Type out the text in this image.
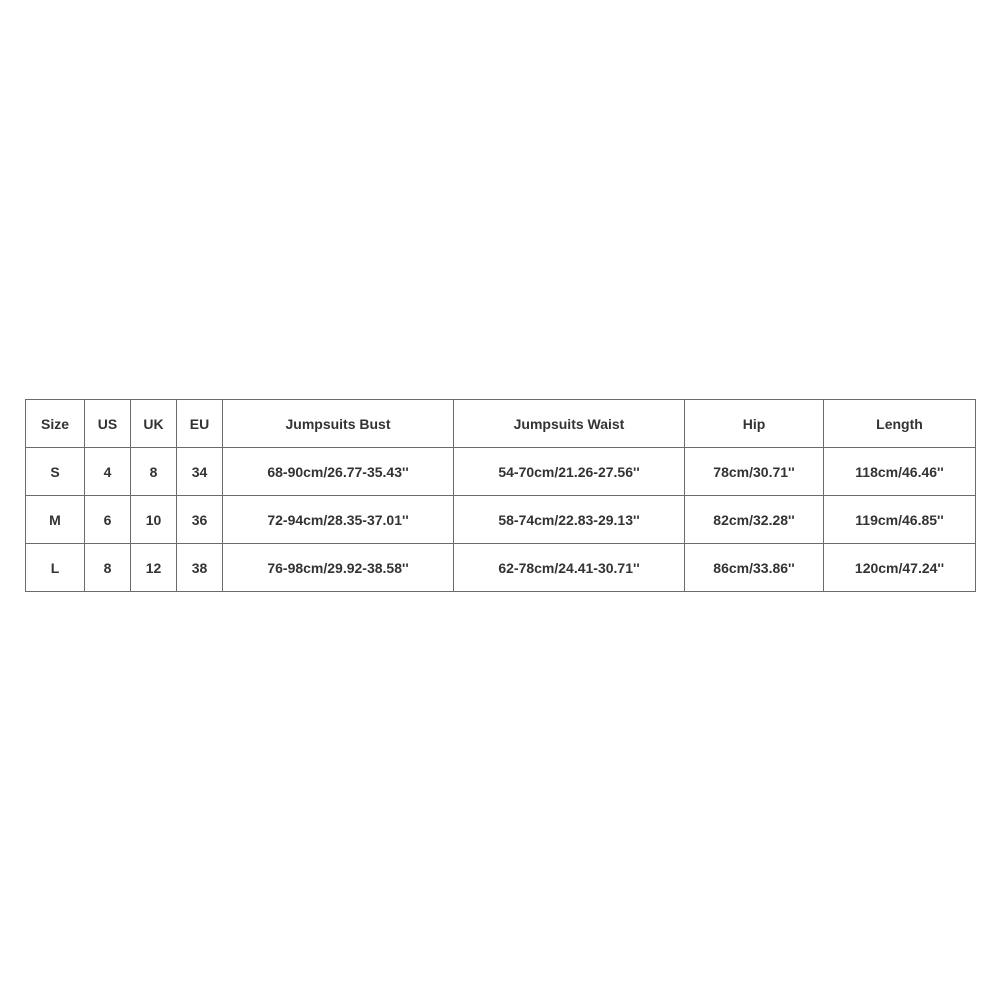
Size	US	UK	EU	Jumpsuits Bust	Jumpsuits Waist	Hip	Length
S	4	8	34	68-90cm/26.77-35.43''	54-70cm/21.26-27.56''	78cm/30.71''	118cm/46.46''
M	6	10	36	72-94cm/28.35-37.01''	58-74cm/22.83-29.13''	82cm/32.28''	119cm/46.85''
L	8	12	38	76-98cm/29.92-38.58''	62-78cm/24.41-30.71''	86cm/33.86''	120cm/47.24''
